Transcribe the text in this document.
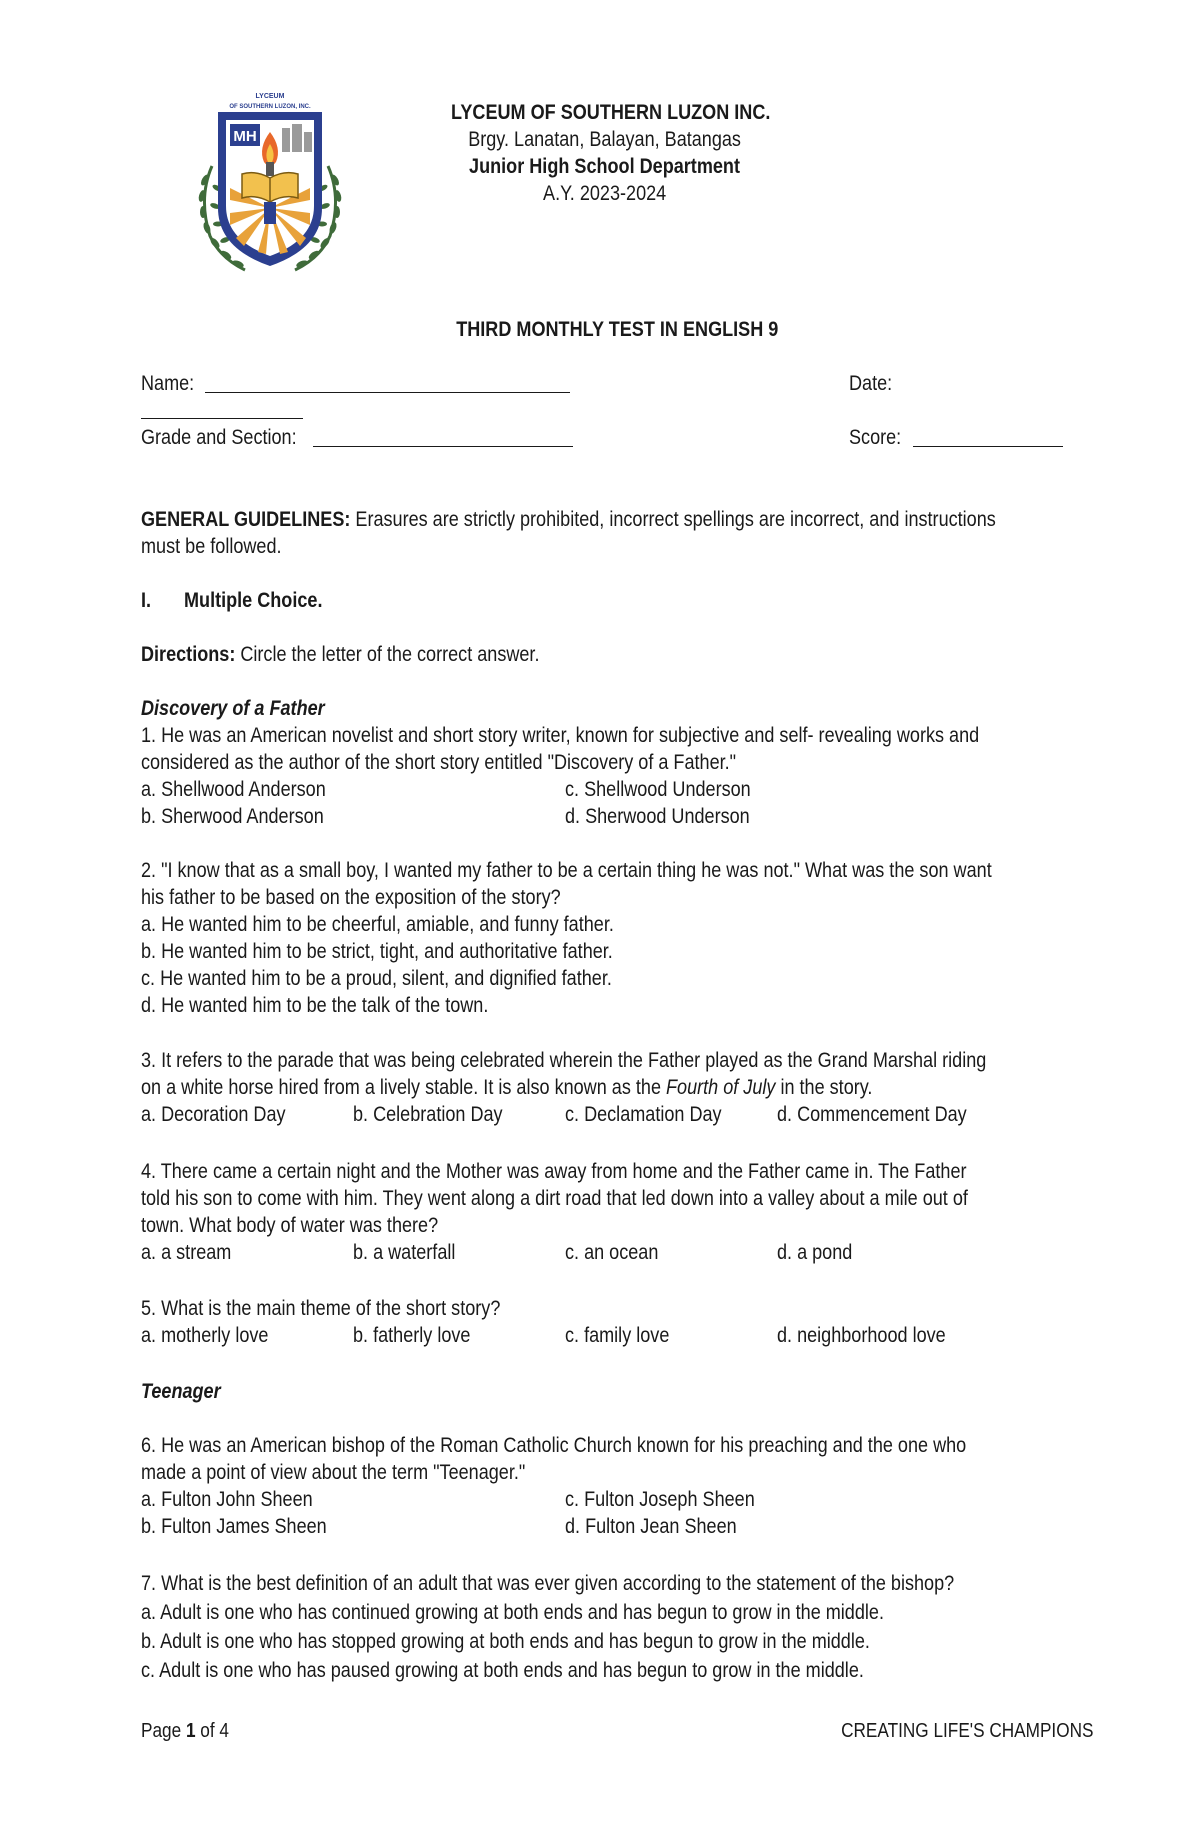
LYCEUM
OF SOUTHERN LUZON, INC.
MH
LYCEUM OF SOUTHERN LUZON INC.
Brgy. Lanatan, Balayan, Batangas
Junior High School Department
A.Y. 2023-2024
THIRD MONTHLY TEST IN ENGLISH 9
Name:	Date:
Grade and Section:	Score:
GENERAL GUIDELINES: Erasures are strictly prohibited, incorrect spellings are incorrect, and instructions
must be followed.
I. Multiple Choice.
Directions: Circle the letter of the correct answer.
Discovery of a Father
1. He was an American novelist and short story writer, known for subjective and self- revealing works and
considered as the author of the short story entitled "Discovery of a Father."
a. Shellwood Anderson	c. Shellwood Underson
b. Sherwood Anderson	d. Sherwood Underson
2. "I know that as a small boy, I wanted my father to be a certain thing he was not." What was the son want
his father to be based on the exposition of the story?
a. He wanted him to be cheerful, amiable, and funny father.
b. He wanted him to be strict, tight, and authoritative father.
c. He wanted him to be a proud, silent, and dignified father.
d. He wanted him to be the talk of the town.
3. It refers to the parade that was being celebrated wherein the Father played as the Grand Marshal riding
on a white horse hired from a lively stable. It is also known as the Fourth of July in the story.
a. Decoration Day	b. Celebration Day	c. Declamation Day	d. Commencement Day
4. There came a certain night and the Mother was away from home and the Father came in. The Father
told his son to come with him. They went along a dirt road that led down into a valley about a mile out of
town. What body of water was there?
a. a stream	b. a waterfall	c. an ocean	d. a pond
5. What is the main theme of the short story?
a. motherly love	b. fatherly love	c. family love	d. neighborhood love
Teenager
6. He was an American bishop of the Roman Catholic Church known for his preaching and the one who
made a point of view about the term "Teenager."
a. Fulton John Sheen	c. Fulton Joseph Sheen
b. Fulton James Sheen	d. Fulton Jean Sheen
7. What is the best definition of an adult that was ever given according to the statement of the bishop?
a. Adult is one who has continued growing at both ends and has begun to grow in the middle.
b. Adult is one who has stopped growing at both ends and has begun to grow in the middle.
c. Adult is one who has paused growing at both ends and has begun to grow in the middle.
Page 1 of 4	CREATING LIFE'S CHAMPIONS
